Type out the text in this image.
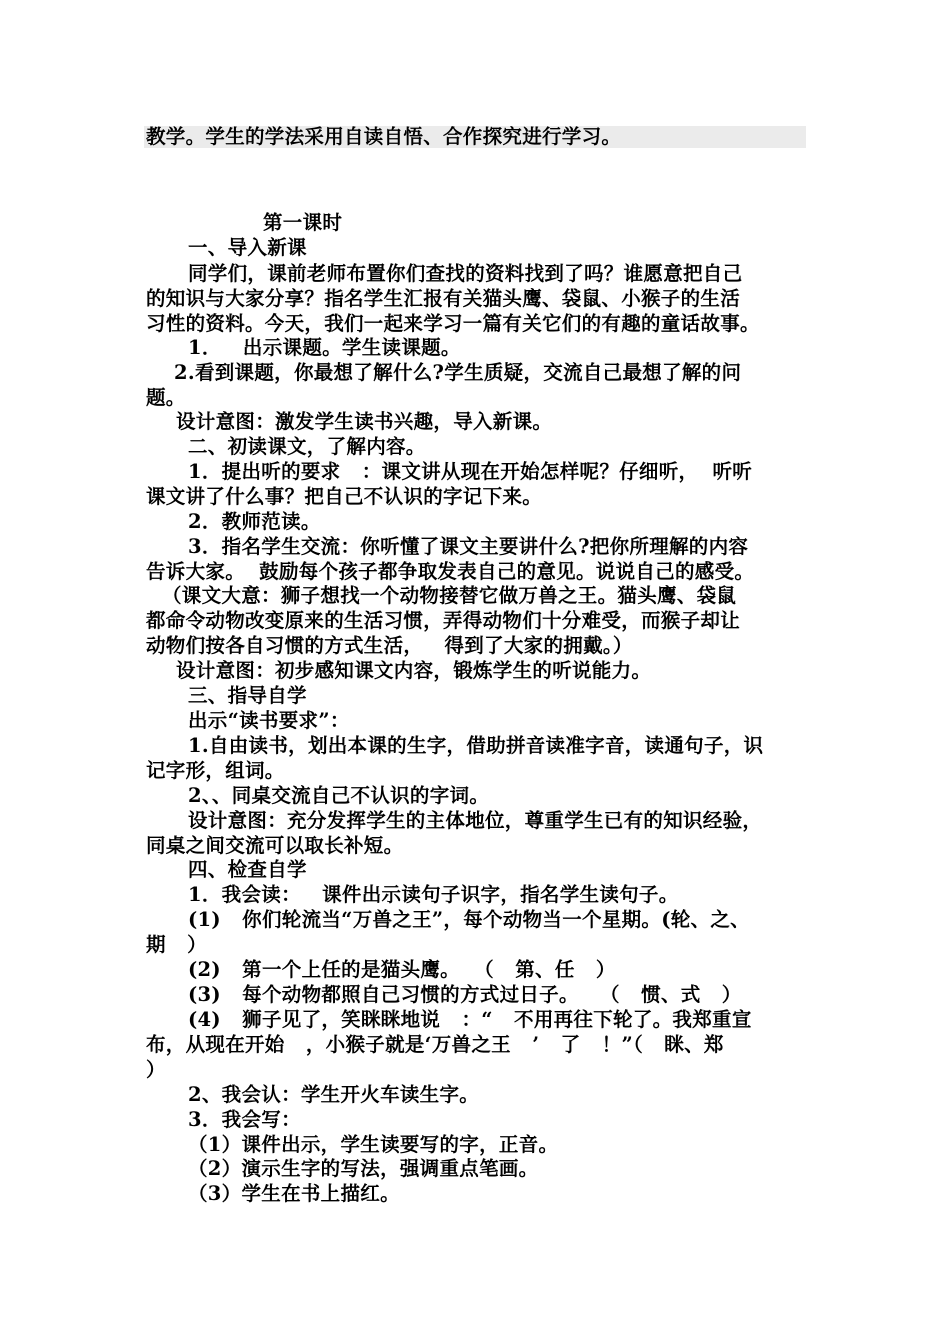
教学。学生的学法采用自读自悟、合作探究进行学习。
第一课时
一、导入新课
同学们，课前老师布置你们查找的资料找到了吗？谁愿意把自己
的知识与大家分享？指名学生汇报有关猫头鹰、袋鼠、小猴子的生活
习性的资料。今天，我们一起来学习一篇有关它们的有趣的童话故事。
1．   出示课题。学生读课题。
2.看到课题，你最想了解什么?学生质疑，交流自己最想了解的问
题。
设计意图：激发学生读书兴趣，导入新课。
二、初读课文，了解内容。
1．提出听的要求   ：课文讲从现在开始怎样呢？仔细听，  听听
课文讲了什么事？把自己不认识的字记下来。
2．教师范读。
3．指名学生交流：你听懂了课文主要讲什么?把你所理解的内容
告诉大家。  鼓励每个孩子都争取发表自己的意见。说说自己的感受。
（课文大意：狮子想找一个动物接替它做万兽之王。猫头鹰、袋鼠
都命令动物改变原来的生活习惯，弄得动物们十分难受，而猴子却让
动物们按各自习惯的方式生活，   得到了大家的拥戴。）
设计意图：初步感知课文内容，锻炼学生的听说能力。
三、指导自学
出示“读书要求”：
1.自由读书，划出本课的生字，借助拼音读准字音，读通句子，识
记字形，组词。
2、、同桌交流自己不认识的字词。
设计意图：充分发挥学生的主体地位，尊重学生已有的知识经验，
同桌之间交流可以取长补短。
四、检查自学
1．我会读：   课件出示读句子识字，指名学生读句子。
(1)   你们轮流当“万兽之王”，每个动物当一个星期。(轮、之、
期   ）
(2)   第一个上任的是猫头鹰。  （   第、任   ）
(3)   每个动物都照自己习惯的方式过日子。   （   惯、式   ）
(4)   狮子见了，笑眯眯地说   ：“   不用再往下轮了。我郑重宣
布，从现在开始   ，小猴子就是‘万兽之王   ’   了   ！”（   眯、郑
）
2、我会认：学生开火车读生字。
3．我会写：
（1）课件出示，学生读要写的字，正音。
（2）演示生字的写法，强调重点笔画。
（3）学生在书上描红。
